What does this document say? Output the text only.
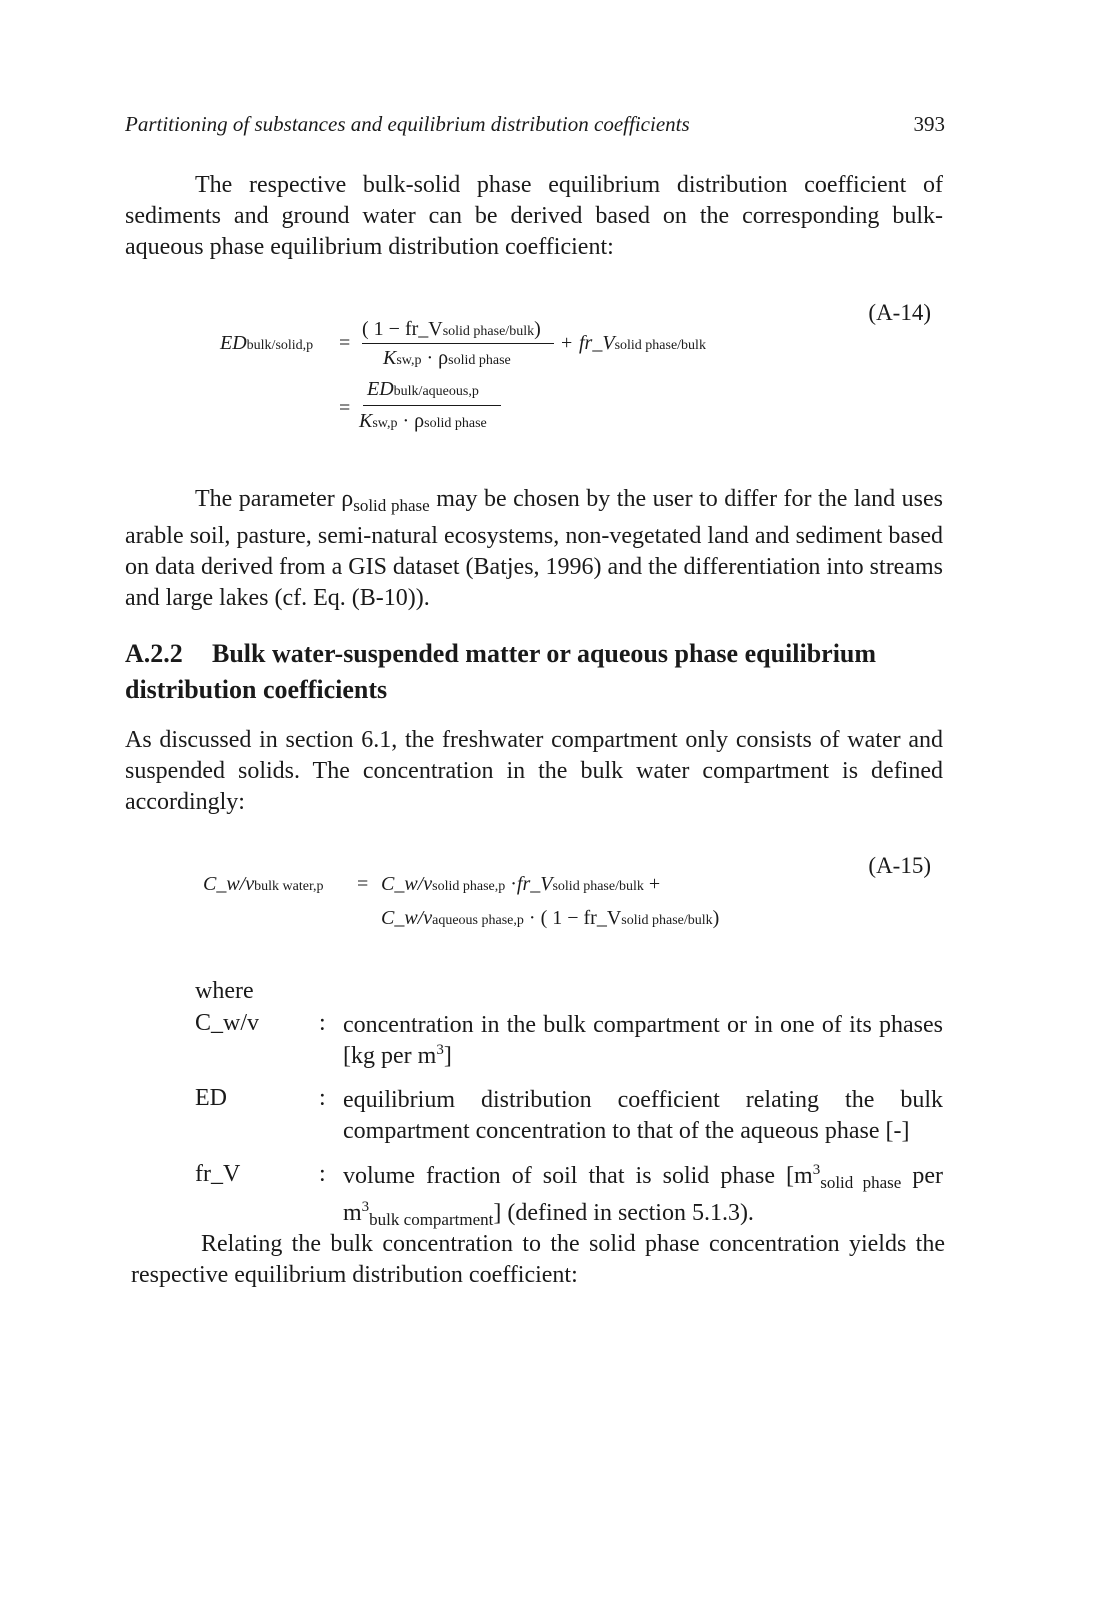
Partitioning of substances and equilibrium distribution coefficients	393

The respective bulk-solid phase equilibrium distribution coefficient of sediments and ground water can be derived based on the corresponding bulk-aqueous phase equilibrium distribution coefficient:

(A-14)
EDbulk/solid,p =
( 1 − fr_Vsolid phase/bulk)
Ksw,p · ρsolid phase
+ fr_Vsolid phase/bulk
=
EDbulk/aqueous,p
Ksw,p · ρsolid phase

The parameter $\rho_{solid phase}$ may be chosen by the user to differ for the land uses arable soil, pasture, semi-natural ecosystems, non-vegetated land and sediment based on data derived from a GIS dataset (Batjes, 1996) and the differentiation into streams and large lakes (cf. Eq. (B-10)).

A.2.2 Bulk water-suspended matter or aqueous phase equilibrium distribution coefficients

As discussed in section 6.1, the freshwater compartment only consists of water and suspended solids. The concentration in the bulk water compartment is defined accordingly:

(A-15)
C_w/vbulk water,p = C_w/vsolid phase,p ·fr_Vsolid phase/bulk +
C_w/vaqueous phase,p · ( 1 − fr_Vsolid phase/bulk)
where
C_w/v : concentration in the bulk compartment or in one of its phases [kg per $m^3$]
ED	: equilibrium distribution coefficient relating the bulk compartment concentration to that of the aqueous phase [-]
fr_V	: volume fraction of soil that is solid phase [$m^3_{solid phase}$ per $m^3_{bulk compartment}$] (defined in section 5.1.3).

Relating the bulk concentration to the solid phase concentration yields the respective equilibrium distribution coefficient:
